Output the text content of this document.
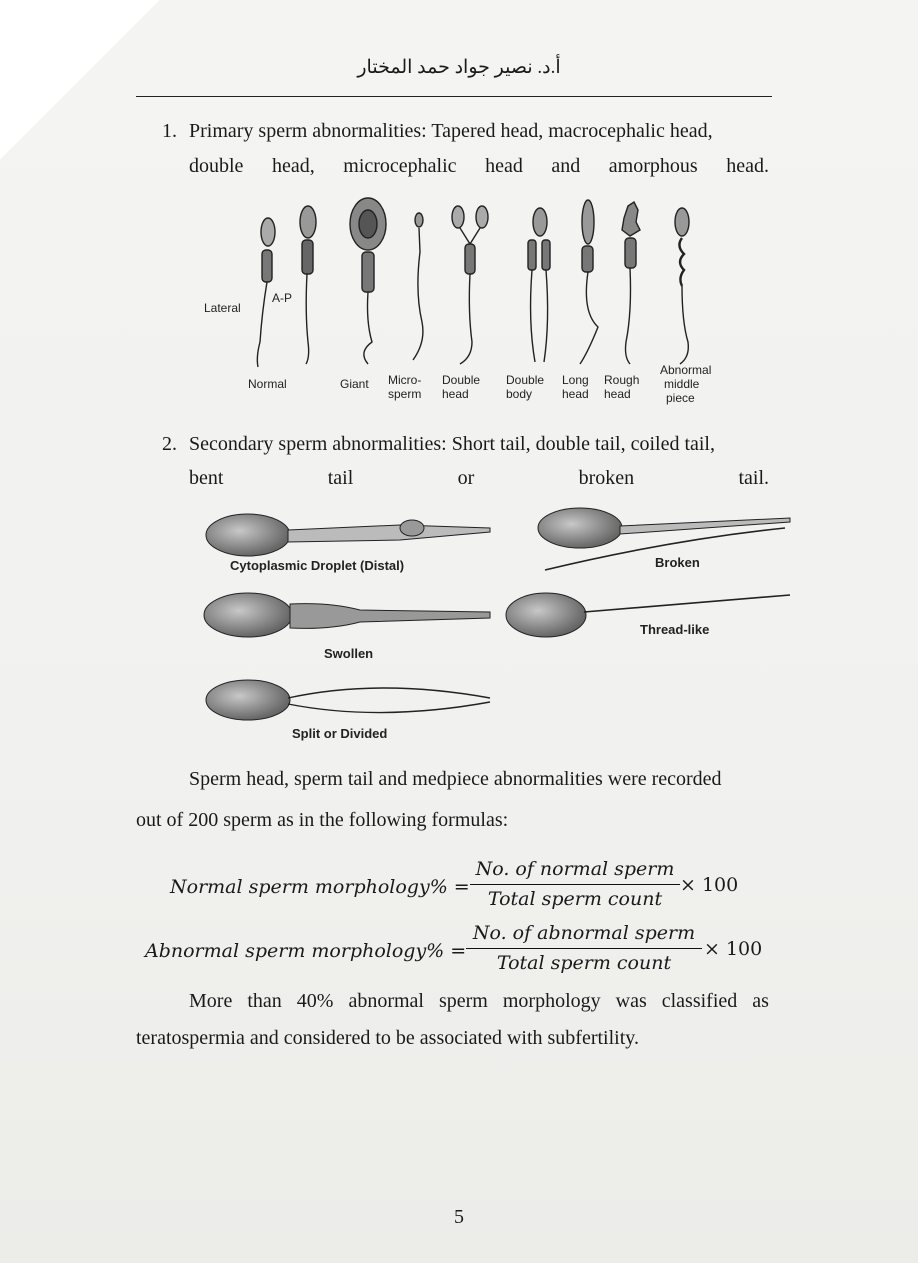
أ.د. نصير جواد حمد المختار
1. Primary sperm abnormalities: Tapered head, macrocephalic head,
double head, microcephalic head and amorphous head.
Lateral
A-P
Normal	Giant Micro-
sperm
Double
head
Double
body
Long
head
Rough
head
Abnormal
middle
piece
2. Secondary sperm abnormalities: Short tail, double tail, coiled tail,
bent	tail	or	broken	tail.
Cytoplasmic Droplet (Distal)	Broken
Swollen
Thread-like
Split or Divided
Sperm head, sperm tail and medpiece abnormalities were recorded
out of 200 sperm as in the following formulas:
Normal sperm morphology% =
No. of normal sperm
Total sperm count
× 100
Abnormal sperm morphology% =
No. of abnormal sperm
Total sperm count
× 100
More than 40% abnormal sperm morphology was classified as
teratospermia and considered to be associated with subfertility.
5
